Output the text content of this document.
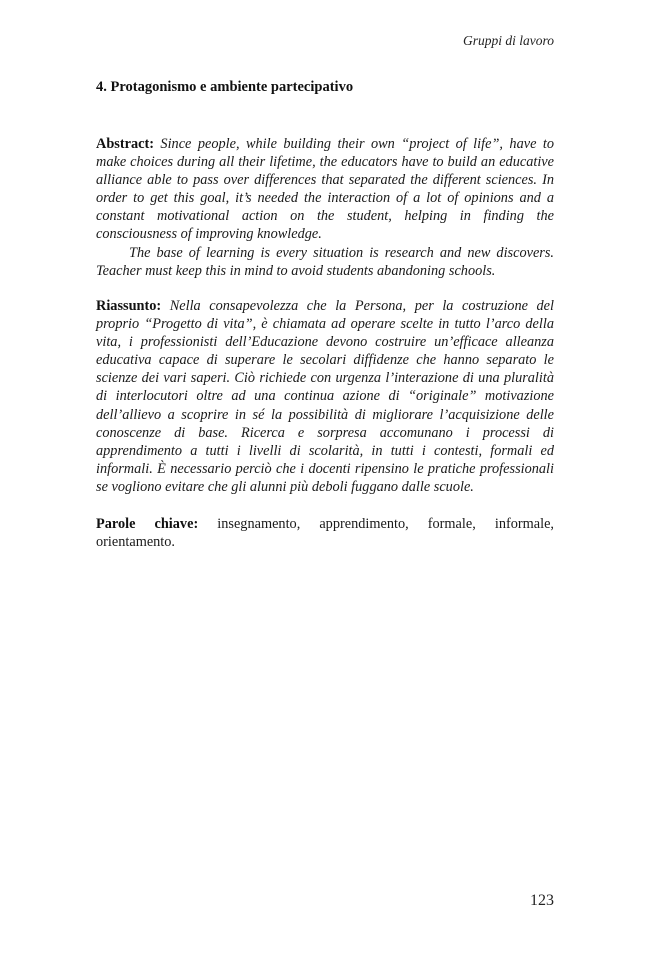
Gruppi di lavoro
4. Protagonismo e ambiente partecipativo

Abstract: Since people, while building their own “project of life”, have to make choices during all their lifetime, the educators have to build an educative alliance able to pass over differences that separated the different sciences. In order to get this goal, it’s needed the interaction of a lot of opinions and a constant motivational action on the student, helping in finding the consciousness of improving knowledge.

The base of learning is every situation is research and new discovers. Teacher must keep this in mind to avoid students abandoning schools.

Riassunto: Nella consapevolezza che la Persona, per la costruzione del proprio “Progetto di vita”, è chiamata ad operare scelte in tutto l’arco della vita, i professionisti dell’Educazione devono costruire un’efficace alleanza educativa capace di superare le secolari diffidenze che hanno separato le scienze dei vari saperi. Ciò richiede con urgenza l’interazione di una pluralità di interlocutori oltre ad una continua azione di “originale” motivazione dell’allievo a scoprire in sé la possibilità di migliorare l’acquisizione delle conoscenze di base. Ricerca e sorpresa accomunano i processi di apprendimento a tutti i livelli di scolarità, in tutti i contesti, formali ed informali. È necessario perciò che i docenti ripensino le pratiche professionali se vogliono evitare che gli alunni più deboli fuggano dalle scuole.
Parole chiave: insegnamento, apprendimento, formale, informale, orientamento.
123
